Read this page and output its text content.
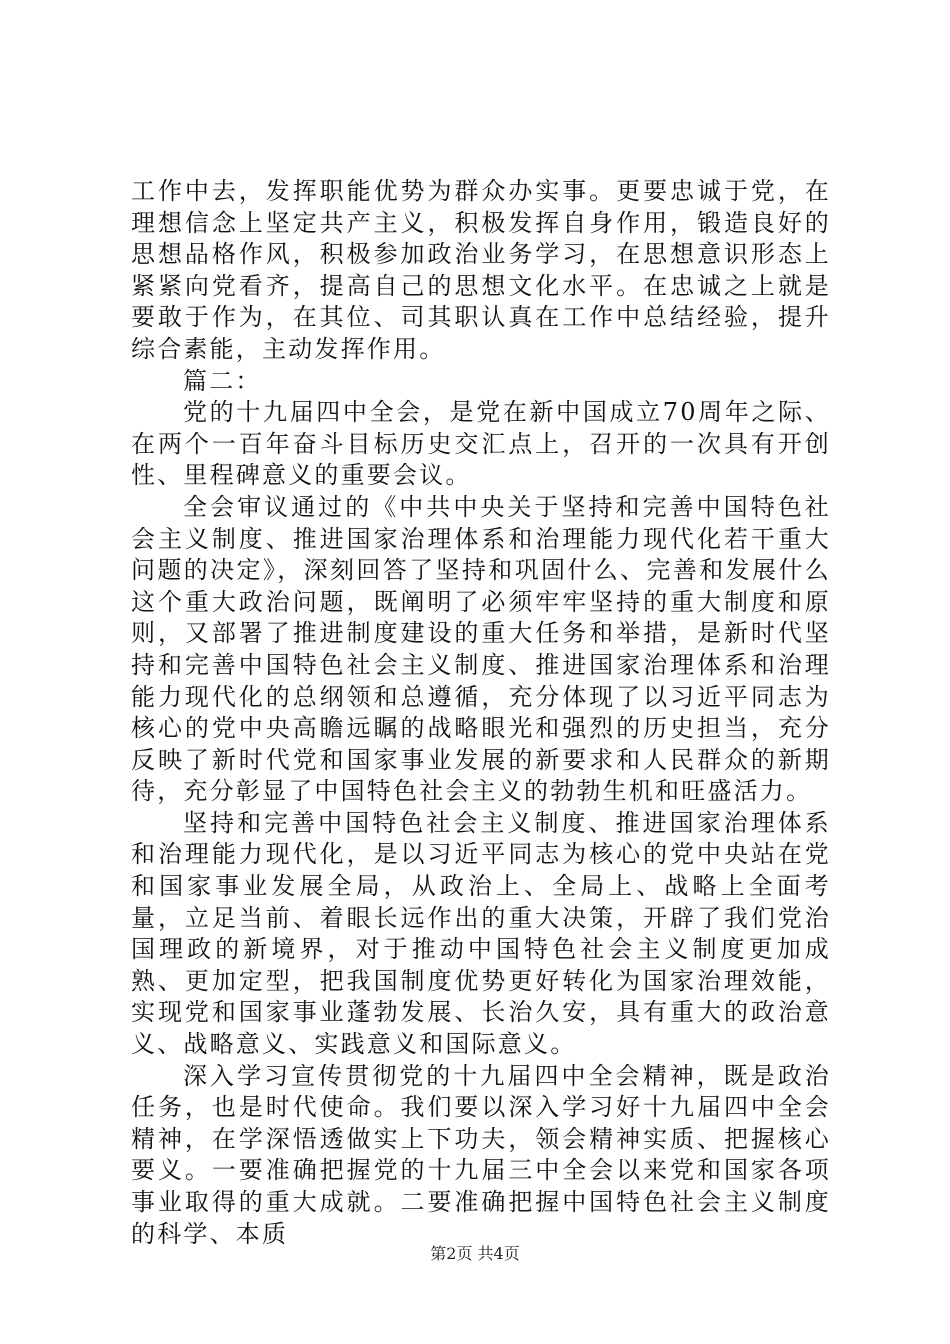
工作中去，发挥职能优势为群众办实事。更要忠诚于党，在理想信念上坚定共产主义，积极发挥自身作用，锻造良好的思想品格作风，积极参加政治业务学习，在思想意识形态上紧紧向党看齐，提高自己的思想文化水平。在忠诚之上就是要敢于作为，在其位、司其职认真在工作中总结经验，提升综合素能，主动发挥作用。

篇二：

党的十九届四中全会，是党在新中国成立70周年之际、在两个一百年奋斗目标历史交汇点上，召开的一次具有开创性、里程碑意义的重要会议。

全会审议通过的《中共中央关于坚持和完善中国特色社会主义制度、推进国家治理体系和治理能力现代化若干重大问题的决定》，深刻回答了坚持和巩固什么、完善和发展什么这个重大政治问题，既阐明了必须牢牢坚持的重大制度和原则，又部署了推进制度建设的重大任务和举措，是新时代坚持和完善中国特色社会主义制度、推进国家治理体系和治理能力现代化的总纲领和总遵循，充分体现了以习近平同志为核心的党中央高瞻远瞩的战略眼光和强烈的历史担当，充分反映了新时代党和国家事业发展的新要求和人民群众的新期待，充分彰显了中国特色社会主义的勃勃生机和旺盛活力。

坚持和完善中国特色社会主义制度、推进国家治理体系和治理能力现代化，是以习近平同志为核心的党中央站在党和国家事业发展全局，从政治上、全局上、战略上全面考量，立足当前、着眼长远作出的重大决策，开辟了我们党治国理政的新境界，对于推动中国特色社会主义制度更加成熟、更加定型，把我国制度优势更好转化为国家治理效能，实现党和国家事业蓬勃发展、长治久安，具有重大的政治意义、战略意义、实践意义和国际意义。

深入学习宣传贯彻党的十九届四中全会精神，既是政治任务，也是时代使命。我们要以深入学习好十九届四中全会精神，在学深悟透做实上下功夫，领会精神实质、把握核心要义。一要准确把握党的十九届三中全会以来党和国家各项事业取得的重大成就。二要准确把握中国特色社会主义制度的科学、本质

第2页 共4页
